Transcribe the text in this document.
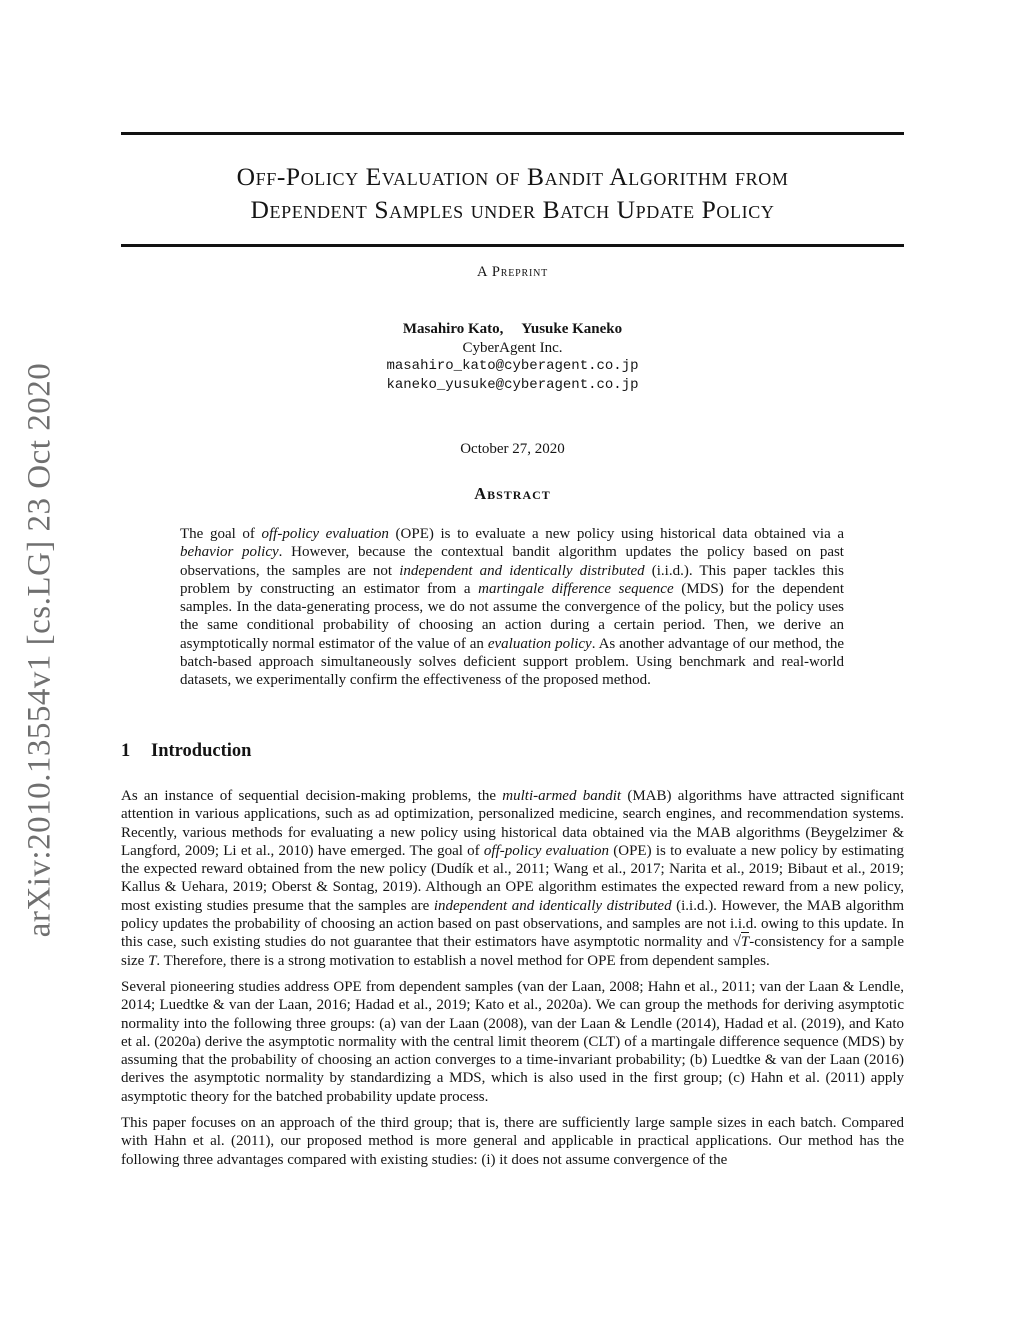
arXiv:2010.13554v1 [cs.LG] 23 Oct 2020
Off-Policy Evaluation of Bandit Algorithm from
Dependent Samples under Batch Update Policy
A Preprint
Masahiro Kato, Yusuke Kaneko
CyberAgent Inc.
masahiro_kato@cyberagent.co.jp
kaneko_yusuke@cyberagent.co.jp
October 27, 2020
Abstract
The goal of off-policy evaluation (OPE) is to evaluate a new policy using historical data obtained via a behavior policy. However, because the contextual bandit algorithm updates the policy based on past observations, the samples are not independent and identically distributed (i.i.d.). This paper tackles this problem by constructing an estimator from a martingale difference sequence (MDS) for the dependent samples. In the data-generating process, we do not assume the convergence of the policy, but the policy uses the same conditional probability of choosing an action during a certain period. Then, we derive an asymptotically normal estimator of the value of an evaluation policy. As another advantage of our method, the batch-based approach simultaneously solves deficient support problem. Using benchmark and real-world datasets, we experimentally confirm the effectiveness of the proposed method.
1 Introduction

As an instance of sequential decision-making problems, the multi-armed bandit (MAB) algorithms have attracted significant attention in various applications, such as ad optimization, personalized medicine, search engines, and recommendation systems. Recently, various methods for evaluating a new policy using historical data obtained via the MAB algorithms (Beygelzimer & Langford, 2009; Li et al., 2010) have emerged. The goal of off-policy evaluation (OPE) is to evaluate a new policy by estimating the expected reward obtained from the new policy (Dudík et al., 2011; Wang et al., 2017; Narita et al., 2019; Bibaut et al., 2019; Kallus & Uehara, 2019; Oberst & Sontag, 2019). Although an OPE algorithm estimates the expected reward from a new policy, most existing studies presume that the samples are independent and identically distributed (i.i.d.). However, the MAB algorithm policy updates the probability of choosing an action based on past observations, and samples are not i.i.d. owing to this update. In this case, such existing studies do not guarantee that their estimators have asymptotic normality and √T-consistency for a sample size T. Therefore, there is a strong motivation to establish a novel method for OPE from dependent samples.

Several pioneering studies address OPE from dependent samples (van der Laan, 2008; Hahn et al., 2011; van der Laan & Lendle, 2014; Luedtke & van der Laan, 2016; Hadad et al., 2019; Kato et al., 2020a). We can group the methods for deriving asymptotic normality into the following three groups: (a) van der Laan (2008), van der Laan & Lendle (2014), Hadad et al. (2019), and Kato et al. (2020a) derive the asymptotic normality with the central limit theorem (CLT) of a martingale difference sequence (MDS) by assuming that the probability of choosing an action converges to a time-invariant probability; (b) Luedtke & van der Laan (2016) derives the asymptotic normality by standardizing a MDS, which is also used in the first group; (c) Hahn et al. (2011) apply asymptotic theory for the batched probability update process.

This paper focuses on an approach of the third group; that is, there are sufficiently large sample sizes in each batch. Compared with Hahn et al. (2011), our proposed method is more general and applicable in practical applications. Our method has the following three advantages compared with existing studies: (i) it does not assume convergence of the
